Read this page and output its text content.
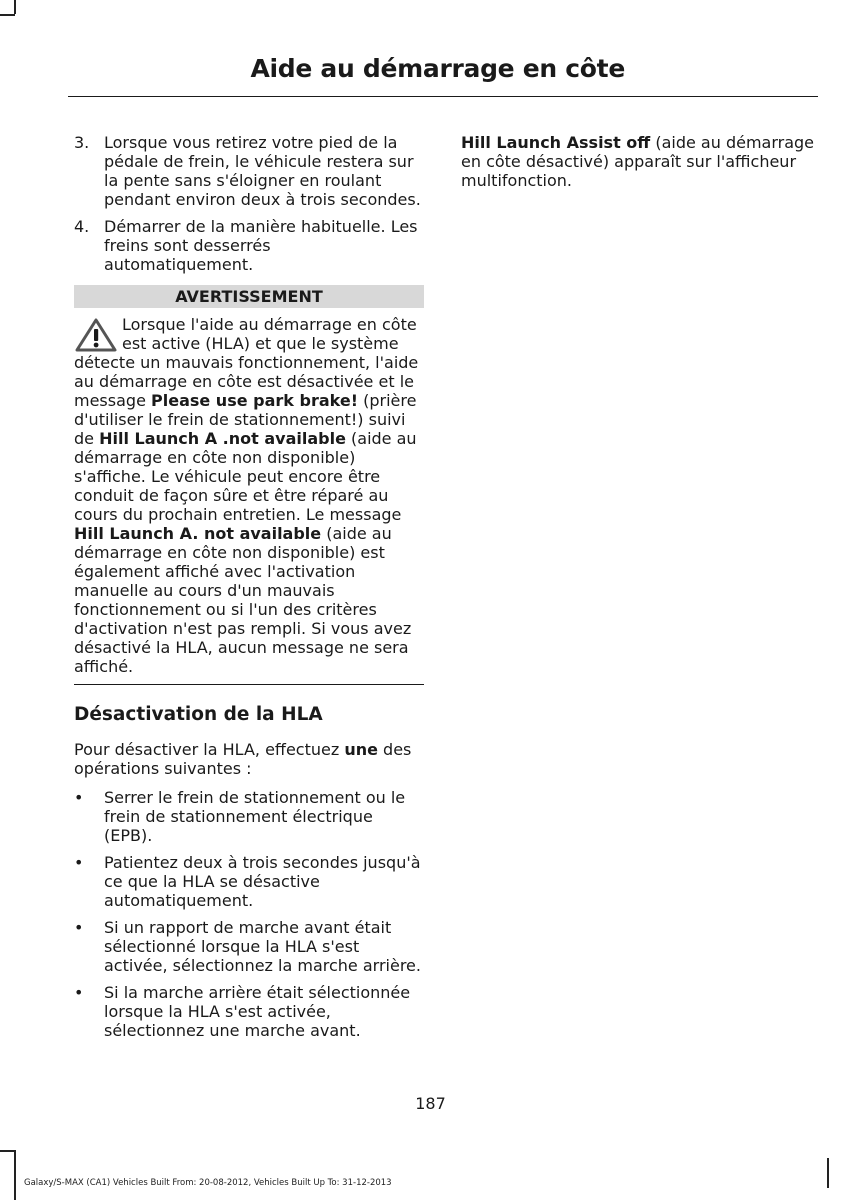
Aide au démarrage en côte
3. Lorsque vous retirez votre pied de la pédale de frein, le véhicule restera sur la pente sans s'éloigner en roulant pendant environ deux à trois secondes.
4. Démarrer de la manière habituelle. Les freins sont desserrés automatiquement.
AVERTISSEMENT
Lorsque l'aide au démarrage en côte est active (HLA) et que le système détecte un mauvais fonctionnement, l'aide au démarrage en côte est désactivée et le message Please use park brake! (prière d'utiliser le frein de stationnement!) suivi de Hill Launch A .not available (aide au démarrage en côte non disponible) s'affiche. Le véhicule peut encore être conduit de façon sûre et être réparé au cours du prochain entretien. Le message Hill Launch A. not available (aide au démarrage en côte non disponible) est également affiché avec l'activation manuelle au cours d'un mauvais fonctionnement ou si l'un des critères d'activation n'est pas rempli. Si vous avez désactivé la HLA, aucun message ne sera affiché.
Désactivation de la HLA
Pour désactiver la HLA, effectuez une des opérations suivantes :
• Serrer le frein de stationnement ou le frein de stationnement électrique (EPB).
• Patientez deux à trois secondes jusqu'à ce que la HLA se désactive automatiquement.
• Si un rapport de marche avant était sélectionné lorsque la HLA s'est activée, sélectionnez la marche arrière.
• Si la marche arrière était sélectionnée lorsque la HLA s'est activée, sélectionnez une marche avant.
Hill Launch Assist off (aide au démarrage en côte désactivé) apparaît sur l'afficheur multifonction.
187
Galaxy/S-MAX (CA1) Vehicles Built From: 20-08-2012, Vehicles Built Up To: 31-12-2013
